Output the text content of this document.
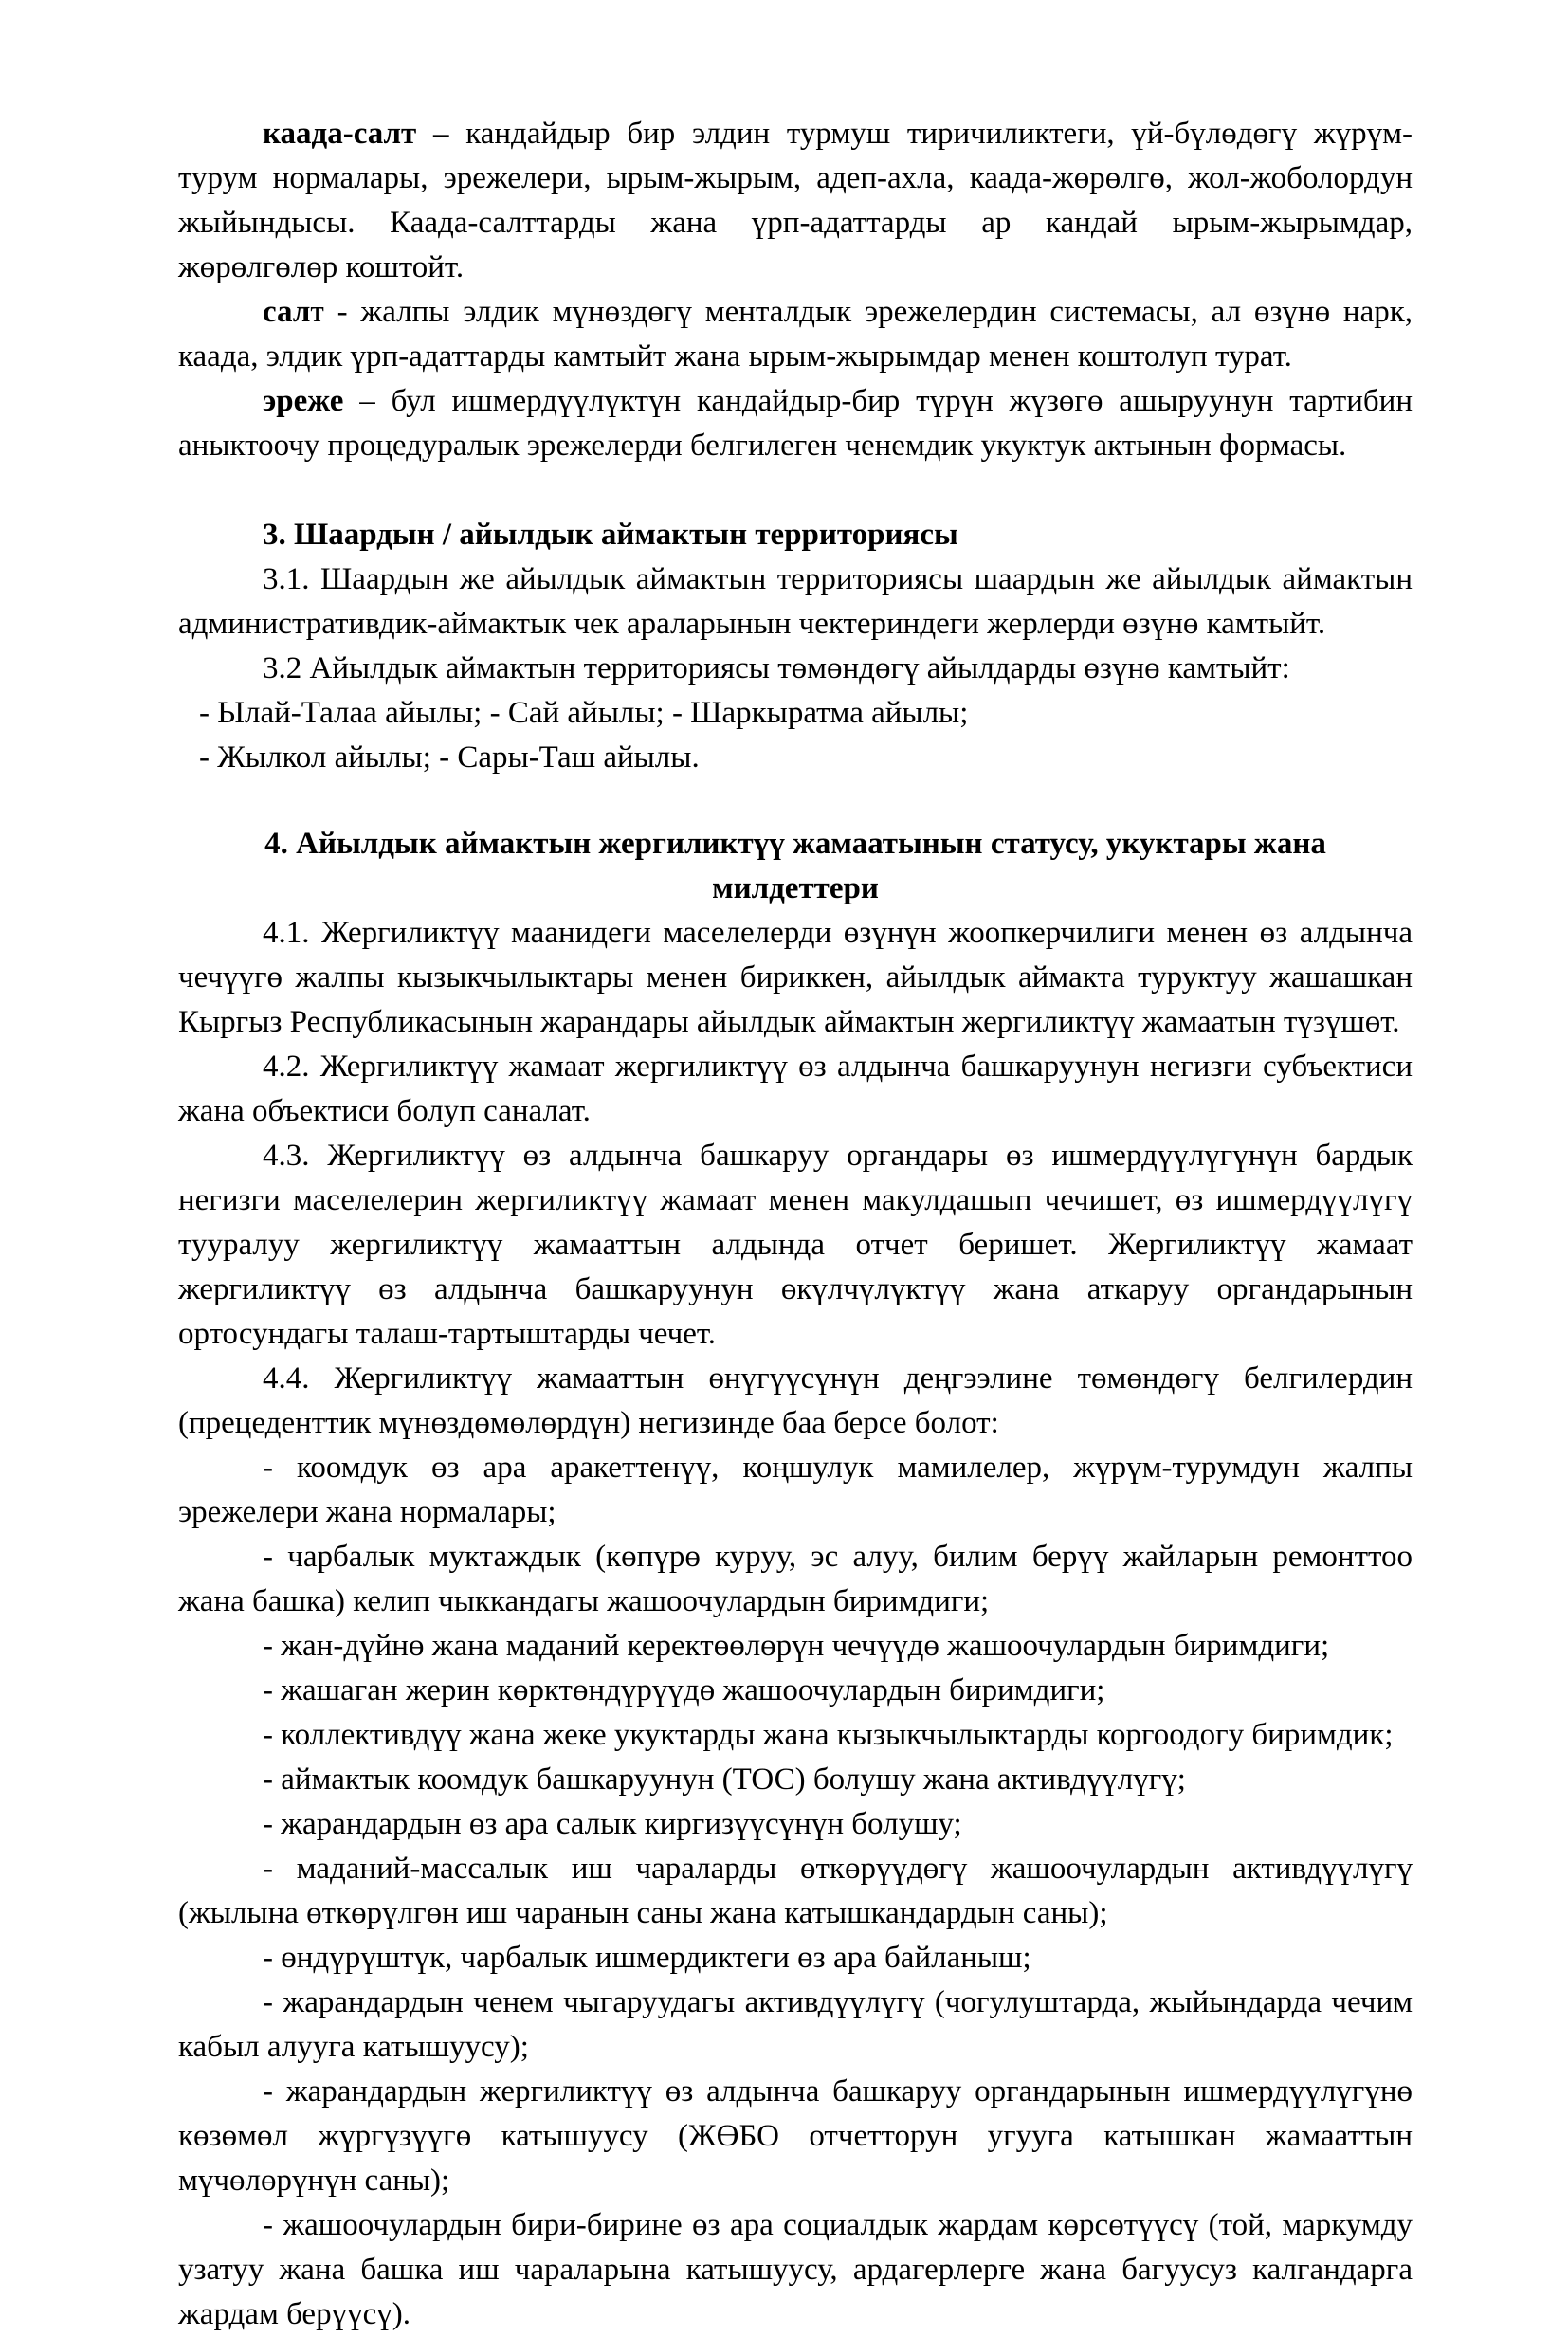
каада-салт – кандайдыр бир элдин турмуш тиричиликтеги, үй-бүлөдөгү жүрүм-турум нормалары, эрежелери, ырым-жырым, адеп-ахла, каада-жөрөлгө, жол-жоболордун жыйындысы. Каада-салттарды жана үрп-адаттарды ар кандай ырым-жырымдар, жөрөлгөлөр коштойт.

салт - жалпы элдик мүнөздөгү менталдык эрежелердин системасы, ал өзүнө нарк, каада, элдик үрп-адаттарды камтыйт жана ырым-жырымдар менен коштолуп турат.

эреже – бул ишмердүүлүктүн кандайдыр-бир түрүн жүзөгө ашыруунун тартибин аныктоочу процедуралык эрежелерди белгилеген ченемдик укуктук актынын формасы.

3. Шаардын / айылдык аймактын территориясы

3.1. Шаардын же айылдык аймактын территориясы шаардын же айылдык аймактын административдик-аймактык чек араларынын чектериндеги жерлерди өзүнө камтыйт.

3.2 Айылдык аймактын территориясы төмөндөгү айылдарды өзүнө камтыйт:

- Ылай-Талаа айылы; - Сай айылы; - Шаркыратма айылы;

- Жылкол айылы; - Сары-Таш айылы.

4. Айылдык аймактын жергиликтүү жамаатынын статусу, укуктары жана милдеттери

4.1. Жергиликтүү маанидеги маселелерди өзүнүн жоопкерчилиги менен өз алдынча чечүүгө жалпы кызыкчылыктары менен бириккен, айылдык аймакта туруктуу жашашкан Кыргыз Республикасынын жарандары айылдык аймактын жергиликтүү жамаатын түзүшөт.

4.2. Жергиликтүү жамаат жергиликтүү өз алдынча башкаруунун негизги субъектиси жана объектиси болуп саналат.

4.3. Жергиликтүү өз алдынча башкаруу органдары өз ишмердүүлүгүнүн бардык негизги маселелерин жергиликтүү жамаат менен макулдашып чечишет, өз ишмердүүлүгү тууралуу жергиликтүү жамааттын алдында отчет беришет. Жергиликтүү жамаат жергиликтүү өз алдынча башкаруунун өкүлчүлүктүү жана аткаруу органдарынын ортосундагы талаш-тартыштарды чечет.

4.4. Жергиликтүү жамааттын өнүгүүсүнүн деңгээлине төмөндөгү белгилердин (прецеденттик мүнөздөмөлөрдүн) негизинде баа берсе болот:

- коомдук өз ара аракеттенүү, коңшулук мамилелер, жүрүм-турумдун жалпы эрежелери жана нормалары;

- чарбалык муктаждык (көпүрө куруу, эс алуу, билим берүү жайларын ремонттоо жана башка) келип чыккандагы жашоочулардын биримдиги;

- жан-дүйнө жана маданий керектөөлөрүн чечүүдө жашоочулардын биримдиги;

- жашаган жерин көрктөндүрүүдө жашоочулардын биримдиги;

- коллективдүү жана жеке укуктарды жана кызыкчылыктарды коргоодогу биримдик;

- аймактык коомдук башкаруунун (ТОС) болушу жана активдүүлүгү;

- жарандардын өз ара салык киргизүүсүнүн болушу;

- маданий-массалык иш чараларды өткөрүүдөгү жашоочулардын активдүүлүгү (жылына өткөрүлгөн иш чаранын саны жана катышкандардын саны);

- өндүрүштүк, чарбалык ишмердиктеги өз ара байланыш;

- жарандардын ченем чыгаруудагы активдүүлүгү (чогулуштарда, жыйындарда чечим кабыл алууга катышуусу);

- жарандардын жергиликтүү өз алдынча башкаруу органдарынын ишмердүүлүгүнө көзөмөл жүргүзүүгө катышуусу (ЖӨБО отчетторун угууга катышкан жамааттын мүчөлөрүнүн саны);

- жашоочулардын бири-бирине өз ара социалдык жардам көрсөтүүсү (той, маркумду узатуу жана башка иш чараларына катышуусу, ардагерлерге жана багуусуз калгандарга жардам берүүсү).
